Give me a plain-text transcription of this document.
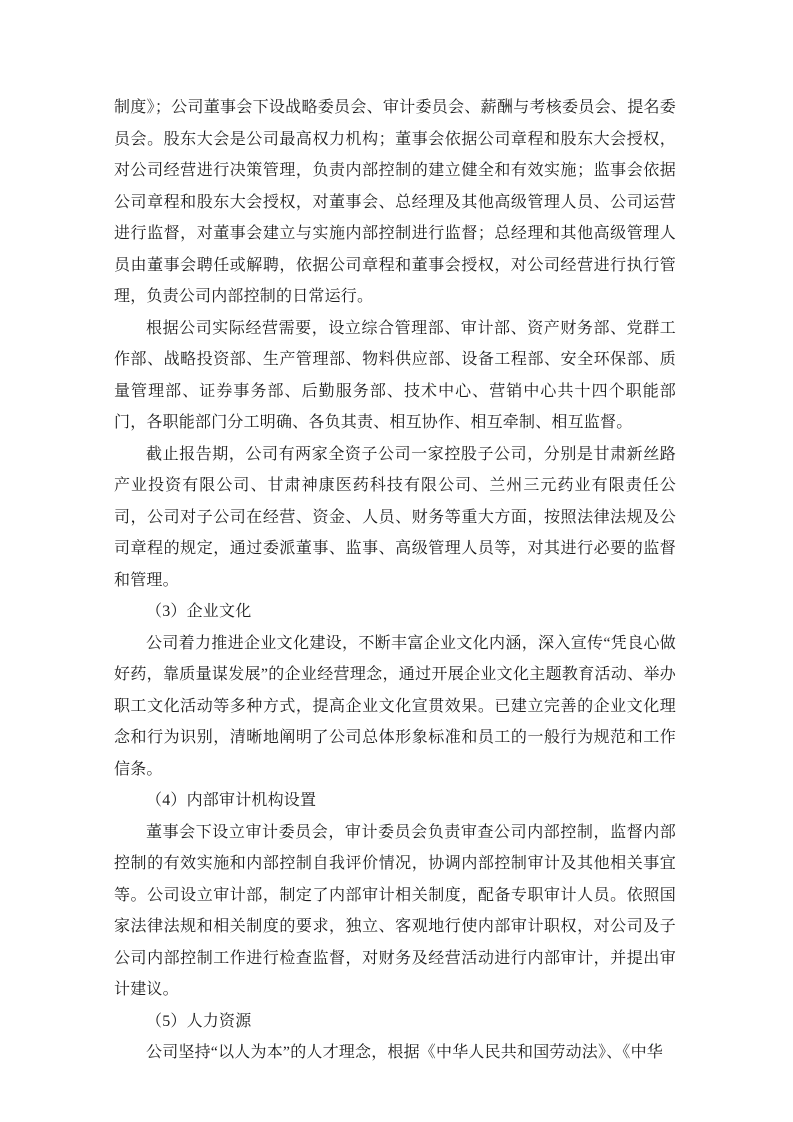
制度》；公司董事会下设战略委员会、审计委员会、薪酬与考核委员会、提名委员会。股东大会是公司最高权力机构；董事会依据公司章程和股东大会授权，对公司经营进行决策管理，负责内部控制的建立健全和有效实施；监事会依据公司章程和股东大会授权，对董事会、总经理及其他高级管理人员、公司运营进行监督，对董事会建立与实施内部控制进行监督；总经理和其他高级管理人员由董事会聘任或解聘，依据公司章程和董事会授权，对公司经营进行执行管理，负责公司内部控制的日常运行。

根据公司实际经营需要，设立综合管理部、审计部、资产财务部、党群工作部、战略投资部、生产管理部、物料供应部、设备工程部、安全环保部、质量管理部、证券事务部、后勤服务部、技术中心、营销中心共十四个职能部门，各职能部门分工明确、各负其责、相互协作、相互牵制、相互监督。

截止报告期，公司有两家全资子公司一家控股子公司，分别是甘肃新丝路产业投资有限公司、甘肃神康医药科技有限公司、兰州三元药业有限责任公司，公司对子公司在经营、资金、人员、财务等重大方面，按照法律法规及公司章程的规定，通过委派董事、监事、高级管理人员等，对其进行必要的监督和管理。

（3）企业文化

公司着力推进企业文化建设，不断丰富企业文化内涵，深入宣传“凭良心做好药，靠质量谋发展”的企业经营理念，通过开展企业文化主题教育活动、举办职工文化活动等多种方式，提高企业文化宣贯效果。已建立完善的企业文化理念和行为识别，清晰地阐明了公司总体形象标准和员工的一般行为规范和工作信条。

（4）内部审计机构设置

董事会下设立审计委员会，审计委员会负责审查公司内部控制，监督内部控制的有效实施和内部控制自我评价情况，协调内部控制审计及其他相关事宜等。公司设立审计部，制定了内部审计相关制度，配备专职审计人员。依照国家法律法规和相关制度的要求，独立、客观地行使内部审计职权，对公司及子公司内部控制工作进行检查监督，对财务及经营活动进行内部审计，并提出审计建议。

（5）人力资源

公司坚持“以人为本”的人才理念，根据《中华人民共和国劳动法》、《中华
